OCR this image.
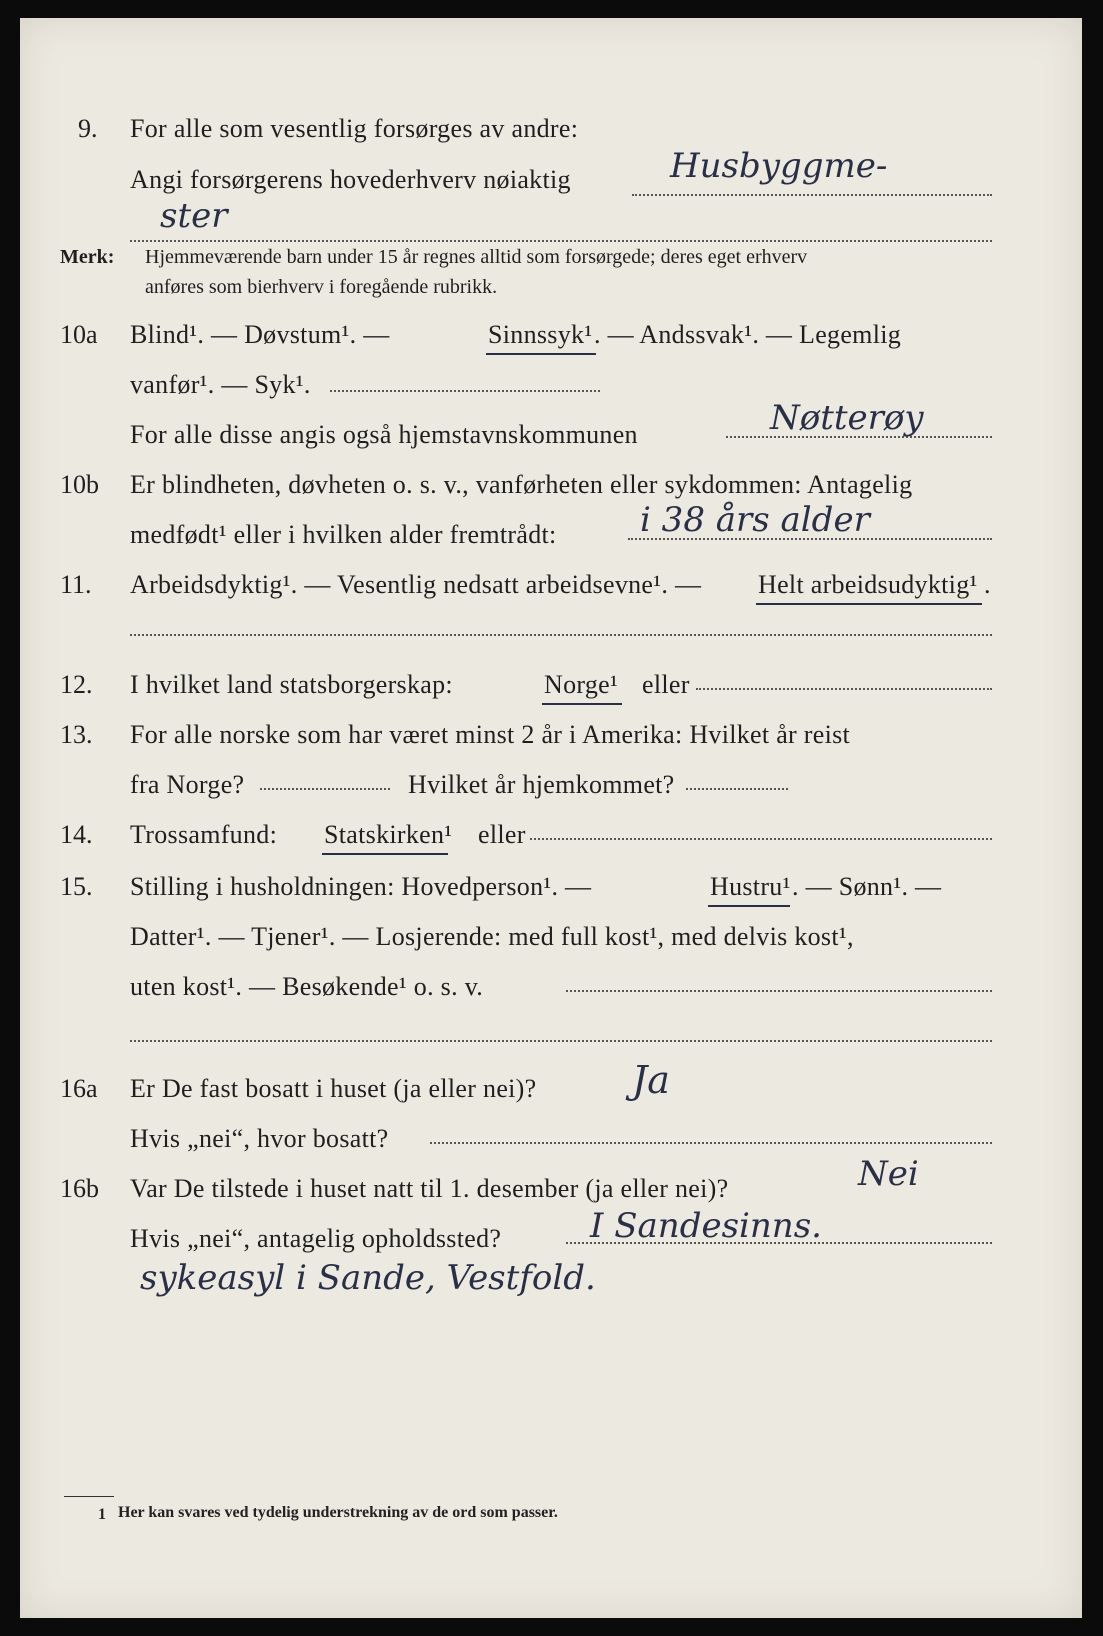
9. For alle som vesentlig forsørges av andre:
Angi forsørgerens hovederhverv nøiaktig	Husbyggme-
ster
Merk: Hjemmeværende barn under 15 år regnes alltid som forsørgede; deres eget erhverv
anføres som bierhverv i foregående rubrikk.
10a Blind¹. — Døvstum¹. —	Sinnssyk¹ . — Andssvak¹. — Legemlig
vanfør¹. — Syk¹.
For alle disse angis også hjemstavnskommunen	Nøtterøy
10b Er blindheten, døvheten o. s. v., vanførheten eller sykdommen: Antagelig
medfødt¹ eller i hvilken alder fremtrådt: i 38 års alder
11. Arbeidsdyktig¹. — Vesentlig nedsatt arbeidsevne¹. — Helt arbeidsudyktig¹ .
12. I hvilket land statsborgerskap:	Norge¹ eller
13. For alle norske som har været minst 2 år i Amerika: Hvilket år reist
fra Norge?	Hvilket år hjemkommet?
14. Trossamfund: Statskirken¹ eller
15. Stilling i husholdningen: Hovedperson¹. —	Hustru¹ . — Sønn¹. —
Datter¹. — Tjener¹. — Losjerende: med full kost¹, med delvis kost¹,
uten kost¹. — Besøkende¹ o. s. v.
16a Er De fast bosatt i huset (ja eller nei)?	Ja
Hvis „nei“, hvor bosatt?
16b Var De tilstede i huset natt til 1. desember (ja eller nei)?	Nei
Hvis „nei“, antagelig opholdssted?	I Sandesinns.
sykeasyl i Sande, Vestfold.
1 Her kan svares ved tydelig understrekning av de ord som passer.
